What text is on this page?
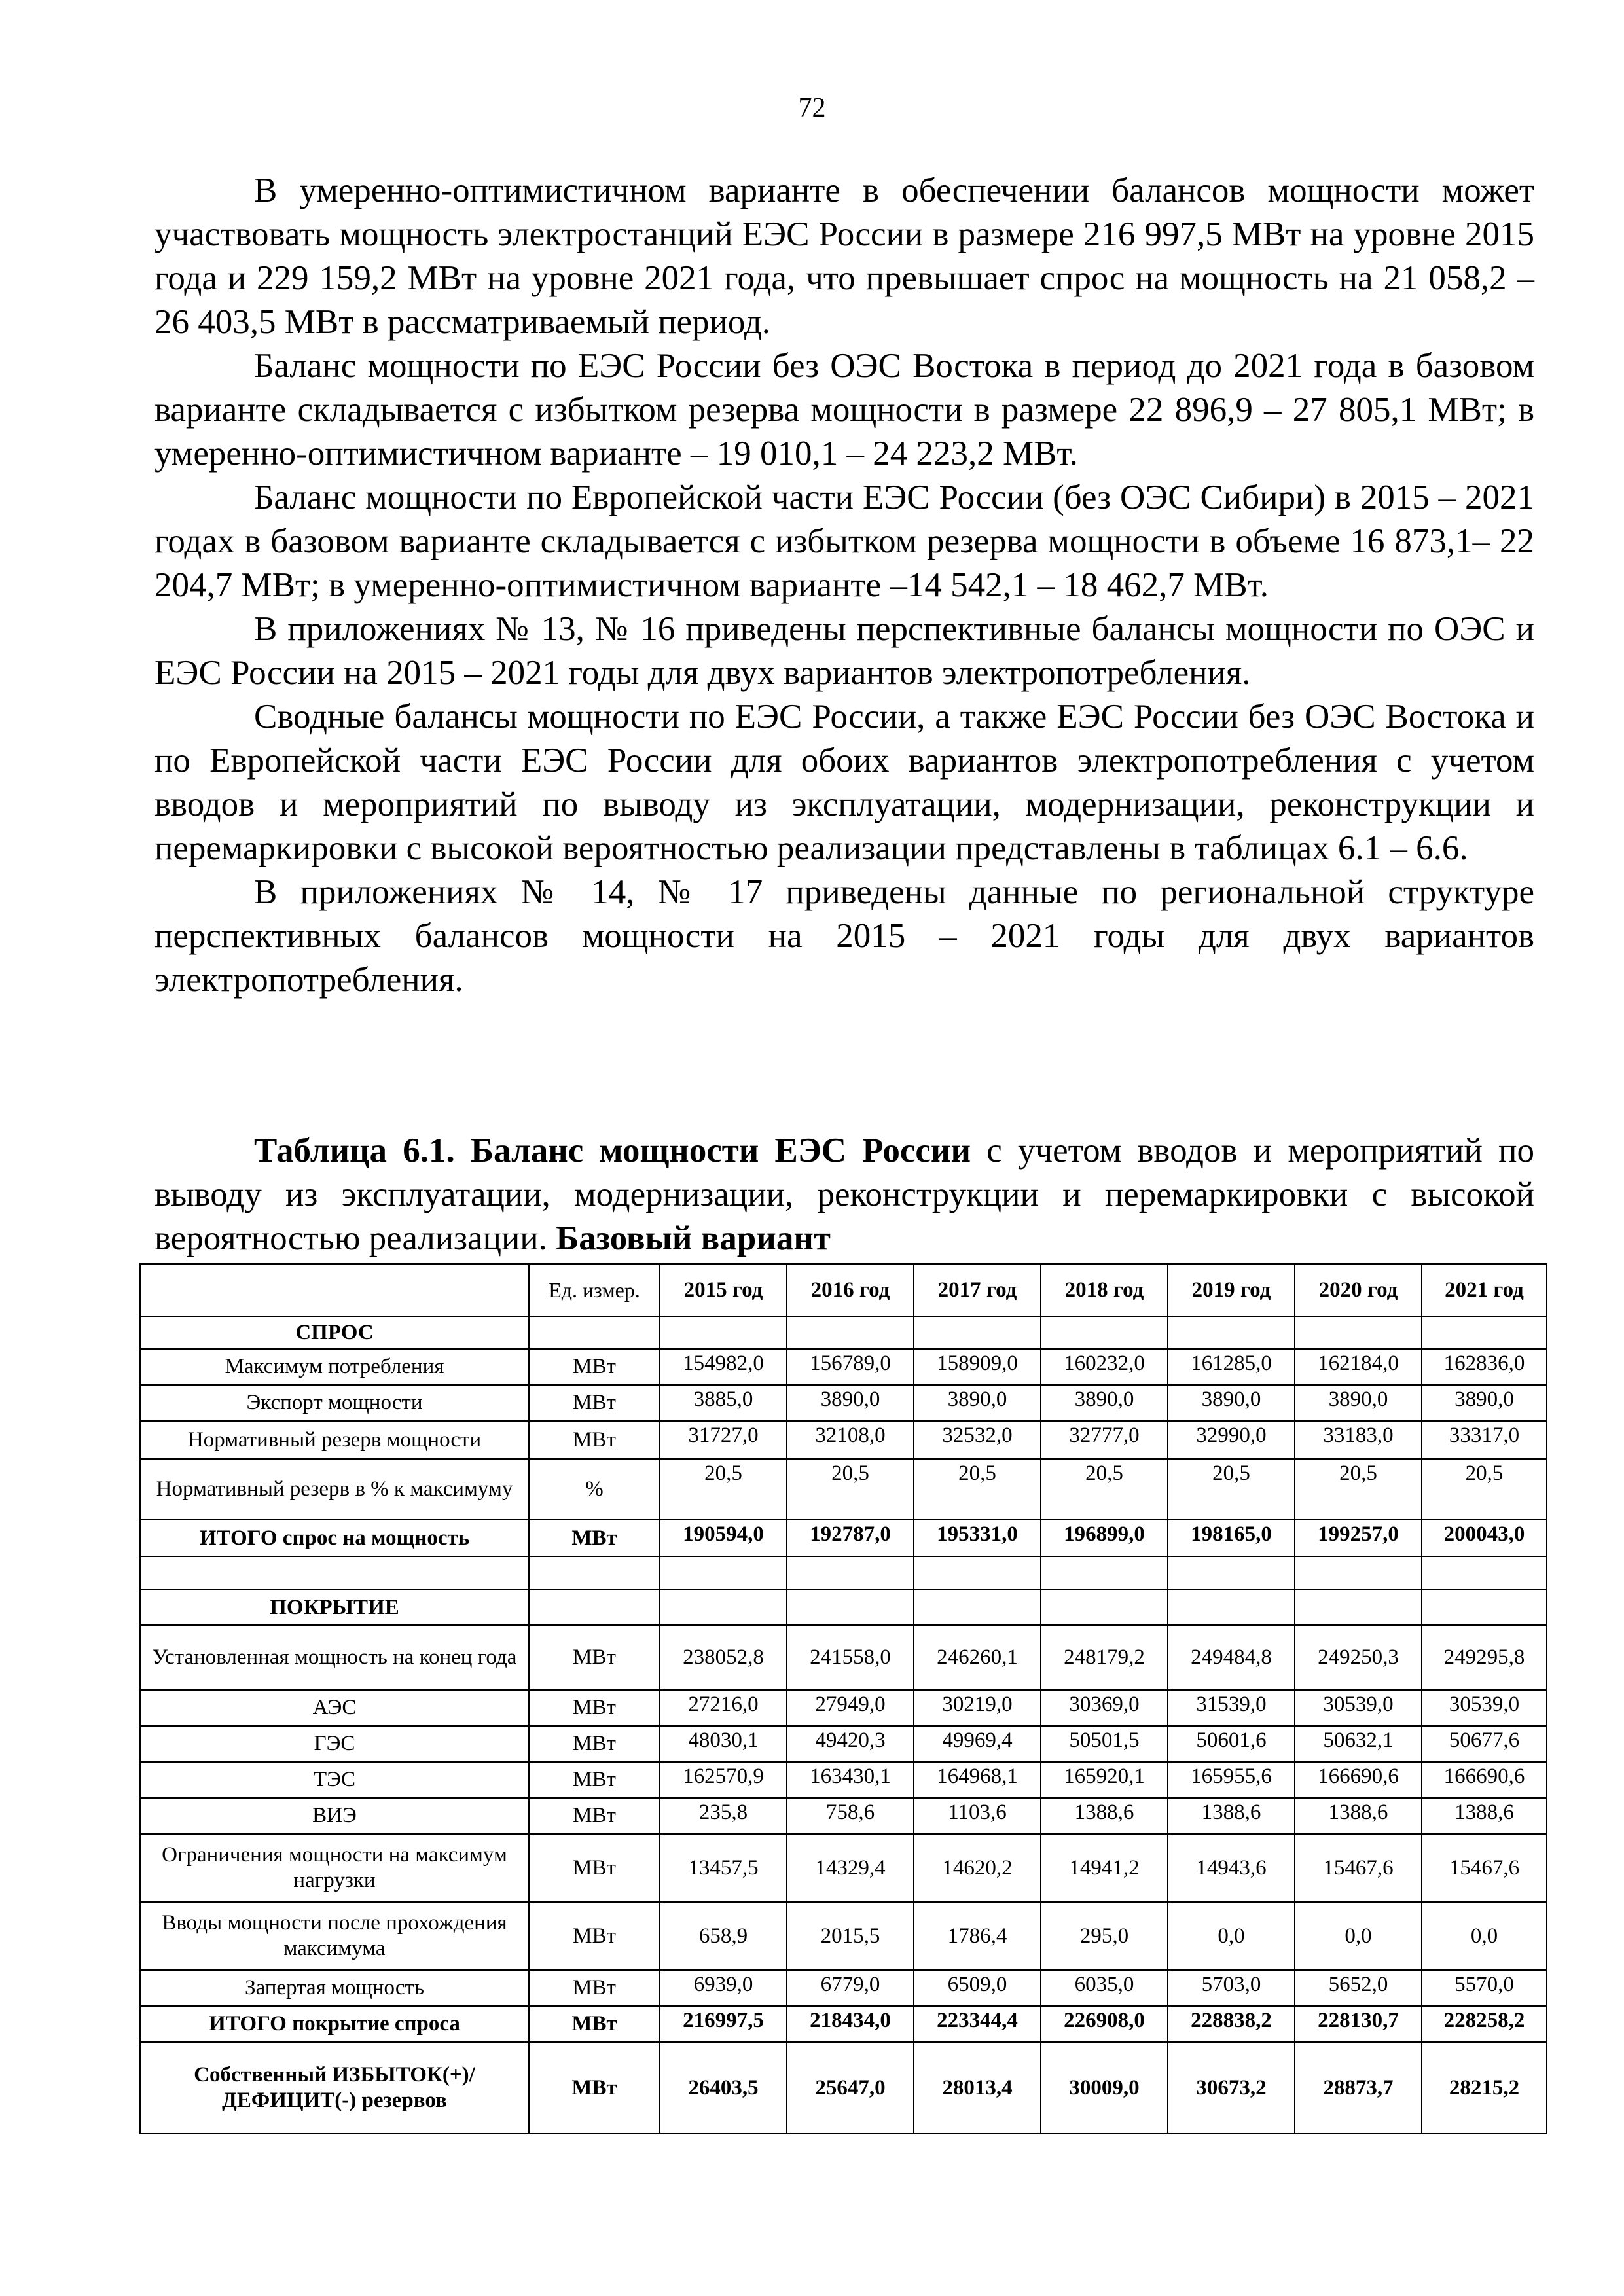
72

В умеренно-оптимистичном варианте в обеспечении балансов мощности может участвовать мощность электростанций ЕЭС России в размере 216 997,5 МВт на уровне 2015 года и 229 159,2 МВт на уровне 2021 года, что превышает спрос на мощность на 21 058,2 – 26 403,5 МВт в рассматриваемый период.

Баланс мощности по ЕЭС России без ОЭС Востока в период до 2021 года в базовом варианте складывается с избытком резерва мощности в размере 22 896,9 – 27 805,1 МВт; в умеренно-оптимистичном варианте – 19 010,1 – 24 223,2 МВт.

Баланс мощности по Европейской части ЕЭС России (без ОЭС Сибири) в 2015 – 2021 годах в базовом варианте складывается с избытком резерва мощности в объеме 16 873,1– 22 204,7 МВт; в умеренно-оптимистичном варианте –14 542,1 – 18 462,7 МВт.

В приложениях № 13, № 16 приведены перспективные балансы мощности по ОЭС и ЕЭС России на 2015 – 2021 годы для двух вариантов электропотребления.

Сводные балансы мощности по ЕЭС России, а также ЕЭС России без ОЭС Востока и по Европейской части ЕЭС России для обоих вариантов электропотребления с учетом вводов и мероприятий по выводу из эксплуатации, модернизации, реконструкции и перемаркировки с высокой вероятностью реализации представлены в таблицах 6.1 – 6.6.

В приложениях № 14, № 17 приведены данные по региональной структуре перспективных балансов мощности на 2015 – 2021 годы для двух вариантов электропотребления.

Таблица 6.1. Баланс мощности ЕЭС России с учетом вводов и мероприятий по выводу из эксплуатации, модернизации, реконструкции и перемаркировки с высокой вероятностью реализации. Базовый вариант

	Ед. измер.	2015 год	2016 год	2017 год	2018 год	2019 год	2020 год	2021 год
СПРОС								
Максимум потребления	МВт	154982,0	156789,0	158909,0	160232,0	161285,0	162184,0	162836,0
Экспорт мощности	МВт	3885,0	3890,0	3890,0	3890,0	3890,0	3890,0	3890,0
Нормативный резерв мощности	МВт	31727,0	32108,0	32532,0	32777,0	32990,0	33183,0	33317,0
Нормативный резерв в % к максимуму	%	20,5	20,5	20,5	20,5	20,5	20,5	20,5
ИТОГО спрос на мощность	МВт	190594,0	192787,0	195331,0	196899,0	198165,0	199257,0	200043,0

ПОКРЫТИЕ								
Установленная мощность на конец года	МВт	238052,8	241558,0	246260,1	248179,2	249484,8	249250,3	249295,8
АЭС	МВт	27216,0	27949,0	30219,0	30369,0	31539,0	30539,0	30539,0
ГЭС	МВт	48030,1	49420,3	49969,4	50501,5	50601,6	50632,1	50677,6
ТЭС	МВт	162570,9	163430,1	164968,1	165920,1	165955,6	166690,6	166690,6
ВИЭ	МВт	235,8	758,6	1103,6	1388,6	1388,6	1388,6	1388,6
Ограничения мощности на максимум нагрузки	МВт	13457,5	14329,4	14620,2	14941,2	14943,6	15467,6	15467,6
Вводы мощности после прохождения максимума	МВт	658,9	2015,5	1786,4	295,0	0,0	0,0	0,0
Запертая мощность	МВт	6939,0	6779,0	6509,0	6035,0	5703,0	5652,0	5570,0
ИТОГО покрытие спроса	МВт	216997,5	218434,0	223344,4	226908,0	228838,2	228130,7	228258,2
Собственный ИЗБЫТОК(+)/ДЕФИЦИТ(-) резервов	МВт	26403,5	25647,0	28013,4	30009,0	30673,2	28873,7	28215,2
